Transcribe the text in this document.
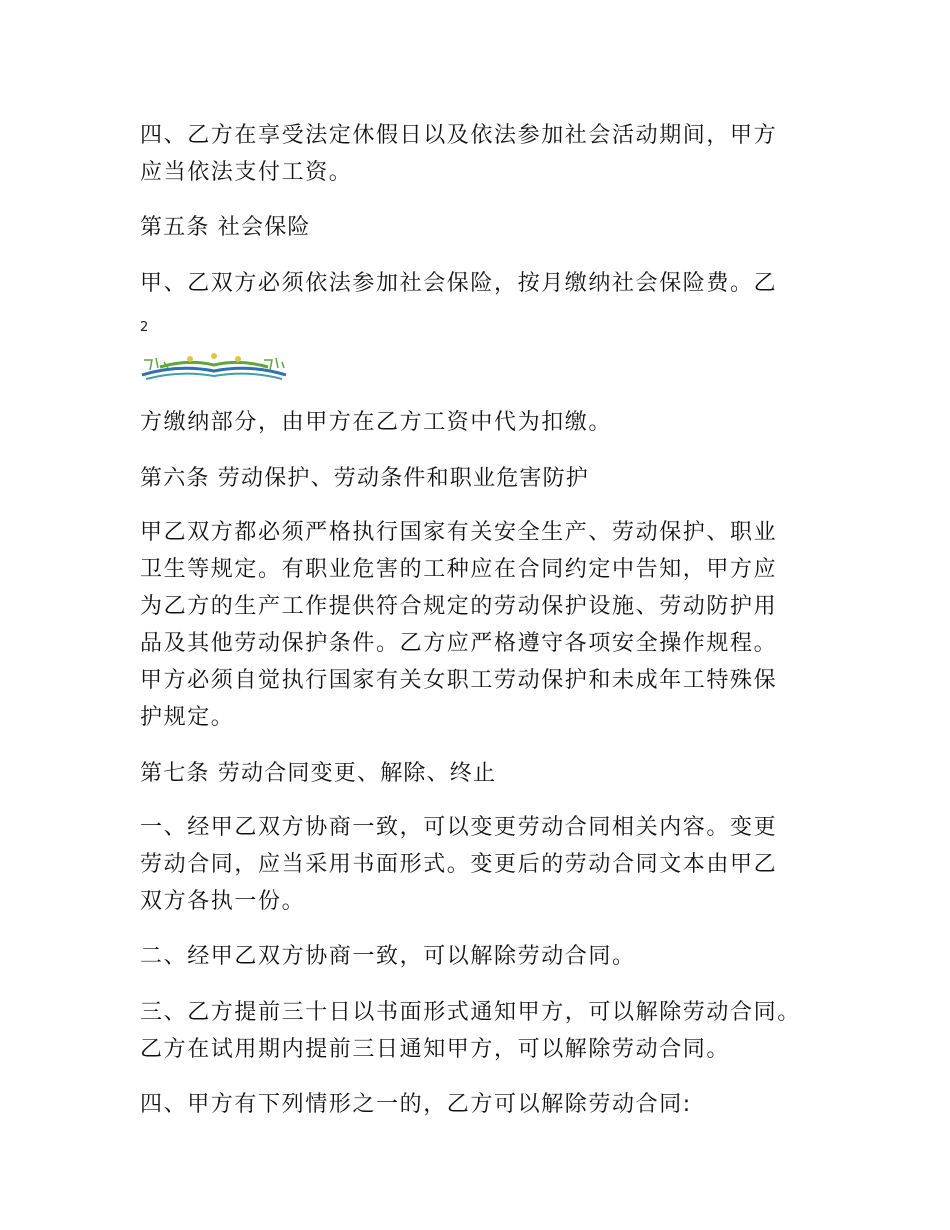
四、乙方在享受法定休假日以及依法参加社会活动期间，甲方
应当依法支付工资。

第五条 社会保险

甲、乙双方必须依法参加社会保险，按月缴纳社会保险费。乙

2

方缴纳部分，由甲方在乙方工资中代为扣缴。

第六条 劳动保护、劳动条件和职业危害防护

甲乙双方都必须严格执行国家有关安全生产、劳动保护、职业
卫生等规定。有职业危害的工种应在合同约定中告知，甲方应
为乙方的生产工作提供符合规定的劳动保护设施、劳动防护用
品及其他劳动保护条件。乙方应严格遵守各项安全操作规程。
甲方必须自觉执行国家有关女职工劳动保护和未成年工特殊保
护规定。

第七条 劳动合同变更、解除、终止

一、经甲乙双方协商一致，可以变更劳动合同相关内容。变更
劳动合同，应当采用书面形式。变更后的劳动合同文本由甲乙
双方各执一份。

二、经甲乙双方协商一致，可以解除劳动合同。

三、乙方提前三十日以书面形式通知甲方，可以解除劳动合同。
乙方在试用期内提前三日通知甲方，可以解除劳动合同。

四、甲方有下列情形之一的，乙方可以解除劳动合同:
